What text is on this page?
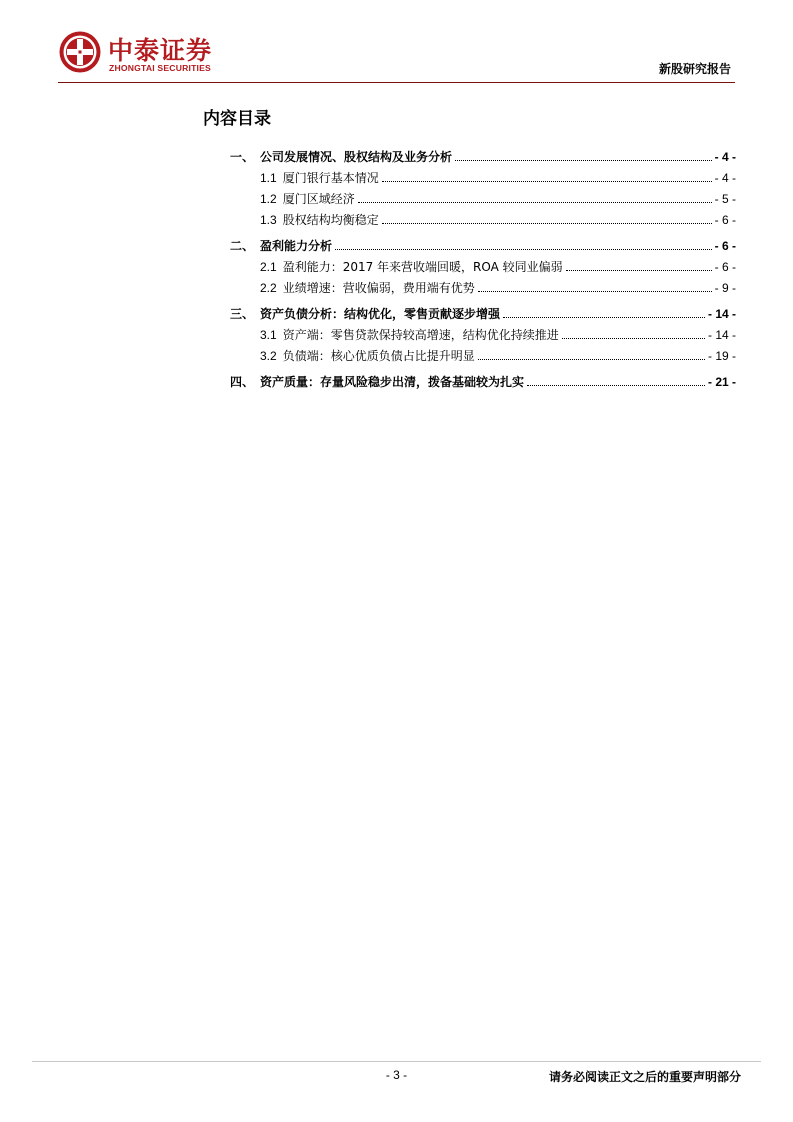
中泰证券
ZHONGTAI SECURITIES	新股研究报告
内容目录
一、 公司发展情况、股权结构及业务分析	- 4 -
1.1 厦门银行基本情况	- 4 -
1.2 厦门区域经济	- 5 -
1.3 股权结构均衡稳定	- 6 -
二、 盈利能力分析	- 6 -
2.1 盈利能力：2017 年来营收端回暖，ROA 较同业偏弱	- 6 -
2.2 业绩增速：营收偏弱，费用端有优势	- 9 -
三、 资产负债分析：结构优化，零售贡献逐步增强	- 14 -
3.1 资产端：零售贷款保持较高增速，结构优化持续推进	- 14 -
3.2 负债端：核心优质负债占比提升明显	- 19 -
四、 资产质量：存量风险稳步出清，拨备基础较为扎实	- 21 -
- 3 -	请务必阅读正文之后的重要声明部分
